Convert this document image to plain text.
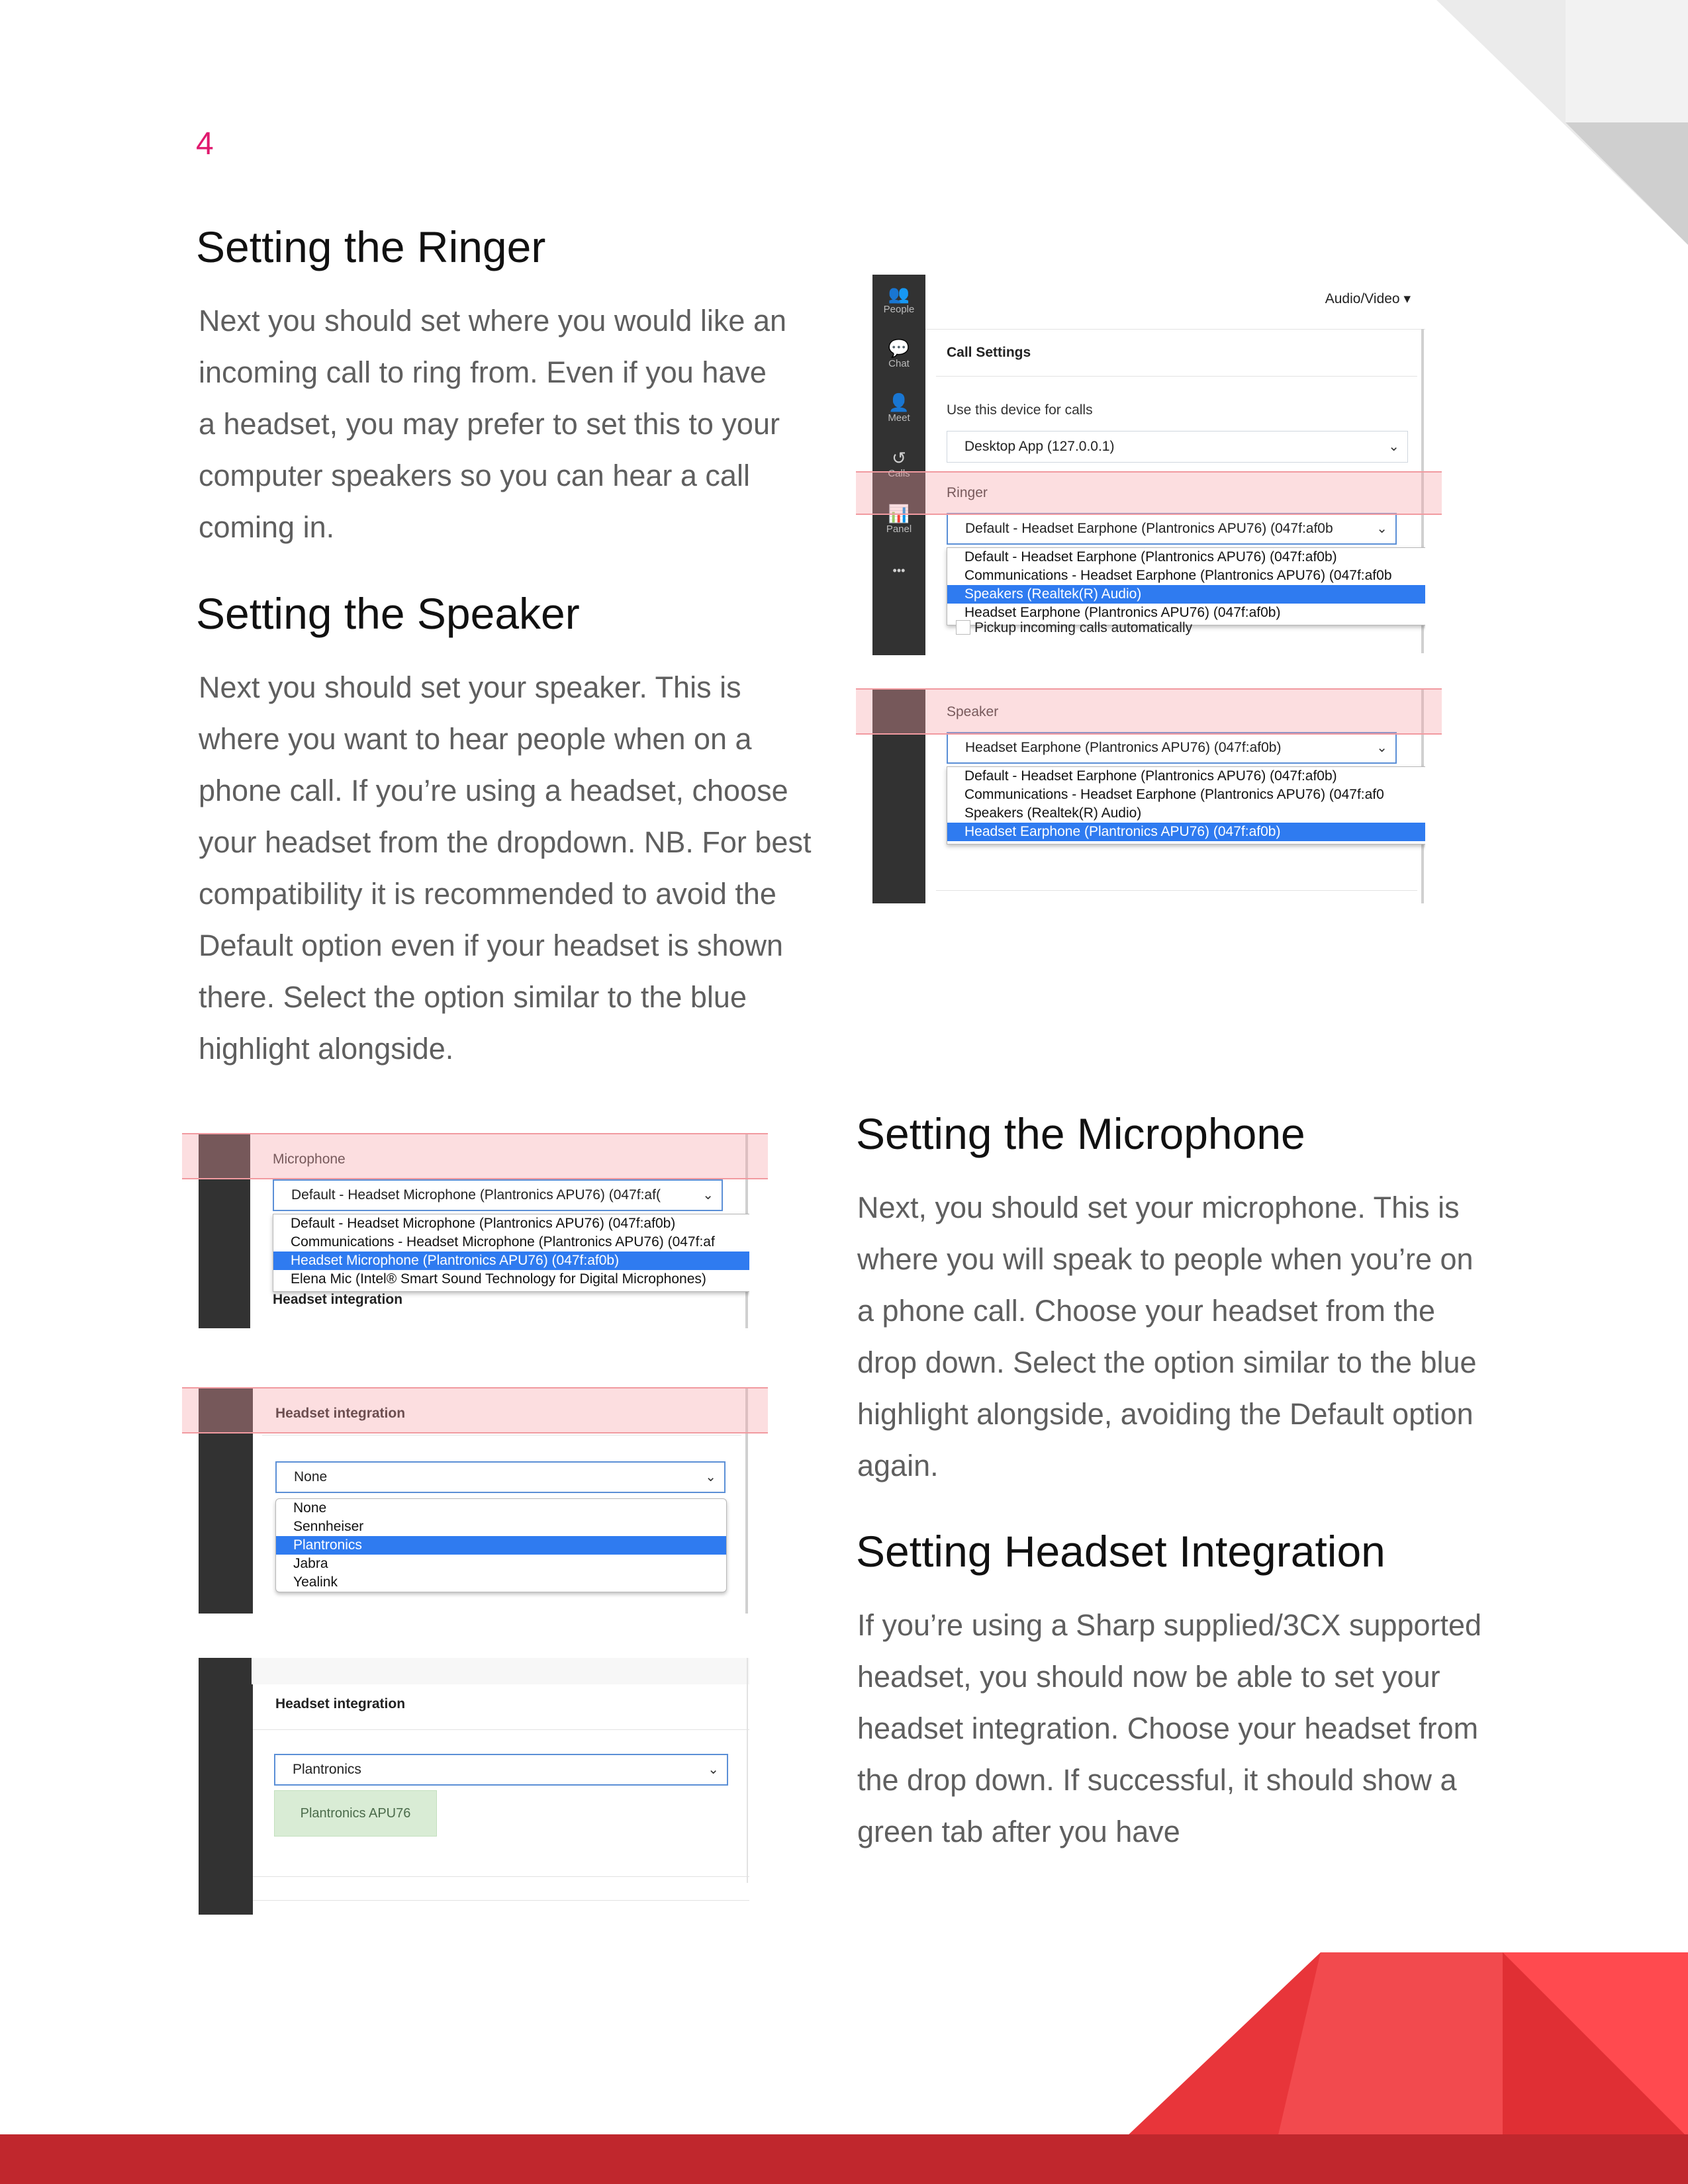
4
Setting the Ringer
Next you should set where you would like an
incoming call to ring from. Even if you have
a headset, you may prefer to set this to your
computer speakers so you can hear a call
coming in.
Setting the Speaker
Next you should set your speaker. This is
where you want to hear people when on a
phone call. If you’re using a headset, choose
your headset from the dropdown. NB. For best
compatibility it is recommended to avoid the
Default option even if your headset is shown
there. Select the option similar to the blue
highlight alongside.
Setting the Microphone
Next, you should set your microphone. This is
where you will speak to people when you’re on
a phone call. Choose your headset from the
drop down. Select the option similar to the blue
highlight alongside, avoiding the Default option
again.
Setting Headset Integration
If you’re using a Sharp supplied/3CX supported
headset, you should now be able to set your
headset integration. Choose your headset from
the drop down. If successful, it should show a
green tab after you have
👥
People
💬
Chat
👤
Meet
↺
Calls
📊
Panel
•••
Audio/Video ▾
Call Settings
Use this device for calls
Desktop App (127.0.0.1)	⌄
Ringer
Default - Headset Earphone (Plantronics APU76) (047f:af0b	⌄
Default - Headset Earphone (Plantronics APU76) (047f:af0b)
Communications - Headset Earphone (Plantronics APU76) (047f:af0b
Speakers (Realtek(R) Audio)
Headset Earphone (Plantronics APU76) (047f:af0b)
Pickup incoming calls automatically
Speaker
Headset Earphone (Plantronics APU76) (047f:af0b)	⌄
Default - Headset Earphone (Plantronics APU76) (047f:af0b)
Communications - Headset Earphone (Plantronics APU76) (047f:af0
Speakers (Realtek(R) Audio)
Headset Earphone (Plantronics APU76) (047f:af0b)
Microphone
Default - Headset Microphone (Plantronics APU76) (047f:af(	⌄
Default - Headset Microphone (Plantronics APU76) (047f:af0b)
Communications - Headset Microphone (Plantronics APU76) (047f:af
Headset Microphone (Plantronics APU76) (047f:af0b)
Elena Mic (Intel® Smart Sound Technology for Digital Microphones)
Headset integration
Headset integration
None	⌄
None
Sennheiser
Plantronics
Jabra
Yealink
Headset integration
Plantronics	⌄
Plantronics APU76
